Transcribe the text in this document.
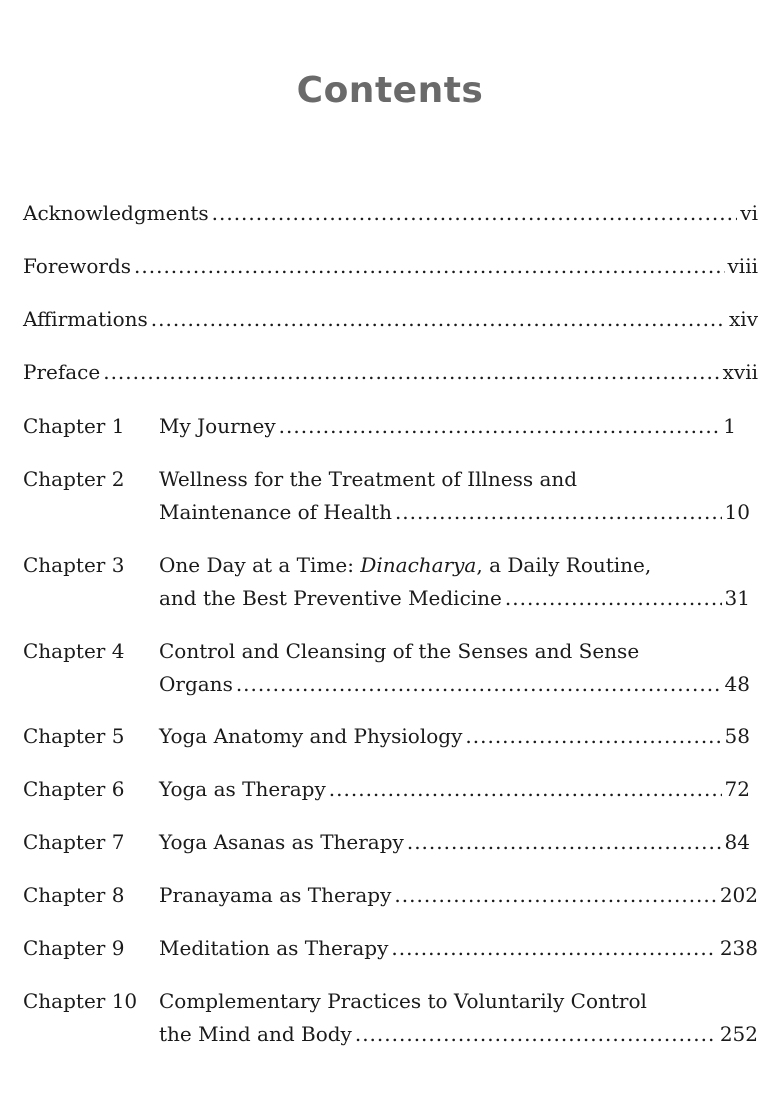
Contents
Acknowledgments .....	vi
Forewords .....	viii
Affirmations .....	xiv
Preface .....	xvii
Chapter 1 My Journey .....	1
Chapter 2 Wellness for the Treatment of Illness and
Maintenance of Health .....	10
Chapter 3 One Day at a Time: Dinacharya, a Daily Routine,
and the Best Preventive Medicine .....	31
Chapter 4 Control and Cleansing of the Senses and Sense
Organs .....	48
Chapter 5 Yoga Anatomy and Physiology .....	58
Chapter 6 Yoga as Therapy .....	72
Chapter 7 Yoga Asanas as Therapy .....	84
Chapter 8 Pranayama as Therapy .....	202
Chapter 9 Meditation as Therapy .....	238
Chapter 10 Complementary Practices to Voluntarily Control
the Mind and Body .....	252
